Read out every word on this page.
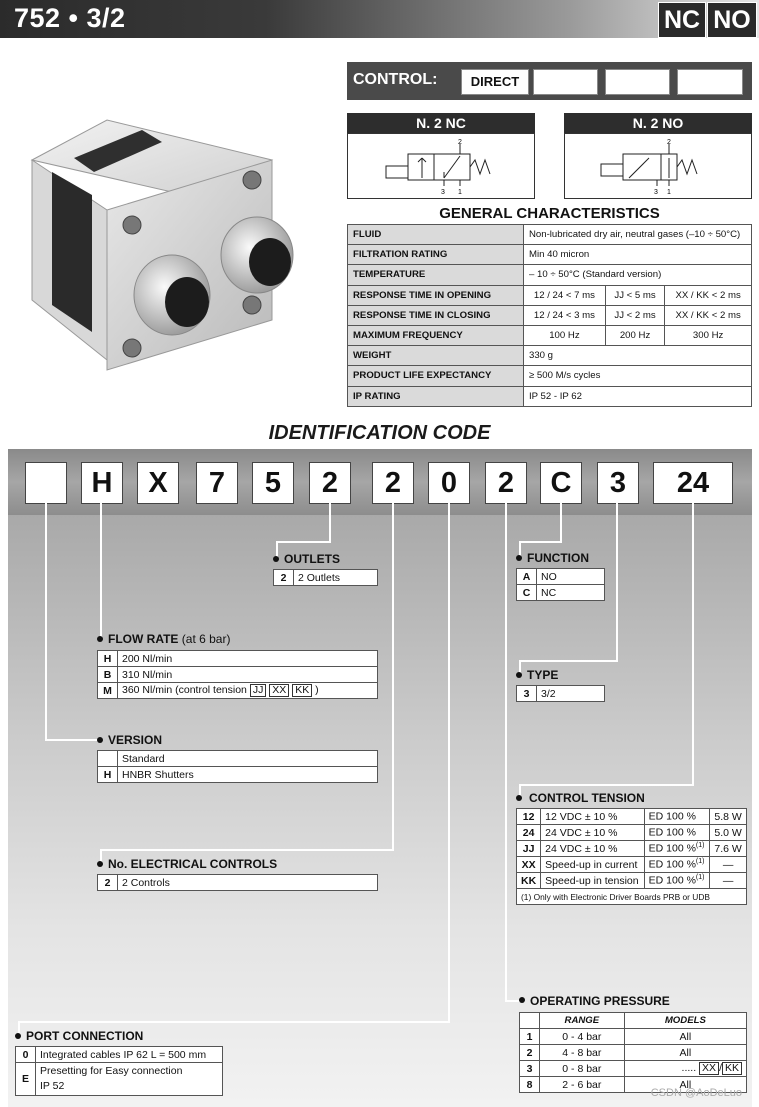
752 • 3/2	NC NO
CONTROL:	DIRECT
N. 2 NC
2
3 1
N. 2 NO
2
3 1
GENERAL CHARACTERISTICS
FLUID	Non-lubricated dry air, neutral gases (–10 ÷ 50°C)		
FILTRATION RATING	Min 40 micron		
TEMPERATURE	– 10 ÷ 50°C (Standard version)		
RESPONSE TIME IN OPENING	12 / 24 < 7 ms	JJ < 5 ms	XX / KK < 2 ms
RESPONSE TIME IN CLOSING	12 / 24 < 3 ms	JJ < 2 ms	XX / KK < 2 ms
MAXIMUM FREQUENCY	100 Hz	200 Hz	300 Hz
WEIGHT	330 g		
PRODUCT LIFE EXPECTANCY	≥ 500 M/s cycles		
IP RATING	IP 52 - IP 62		
IDENTIFICATION CODE
H	X	7	5	2	2	0	2	C	3	24
OUTLETS
2	2 Outlets
FLOW RATE (at 6 bar)
H	200 Nl/min
B	310 Nl/min
M	360 Nl/min (control tension JJ XX KK )
VERSION
	Standard
H	HNBR Shutters
No. ELECTRICAL CONTROLS
2	2 Controls
PORT CONNECTION
0	Integrated cables IP 62 L = 500 mm
E	Presetting for Easy connection
IP 52
FUNCTION
A	NO
C	NC
TYPE
3	3/2
CONTROL TENSION
12	12 VDC ± 10 %	ED 100 %	5.8 W
24	24 VDC ± 10 %	ED 100 %	5.0 W
JJ	24 VDC ± 10 %	ED 100 %$^{(1)}$	7.6 W
XX	Speed-up in current	ED 100 %$^{(1)}$	—
KK	Speed-up in tension	ED 100 %$^{(1)}$	—
(1) Only with Electronic Driver Boards PRB or UDB			
OPERATING PRESSURE
	RANGE	MODELS
1	0 - 4 bar	All
2	4 - 8 bar	All
3	0 - 8 bar	..... XX / KK
8	2 - 6 bar	All
CSDN @AoDeLuo
